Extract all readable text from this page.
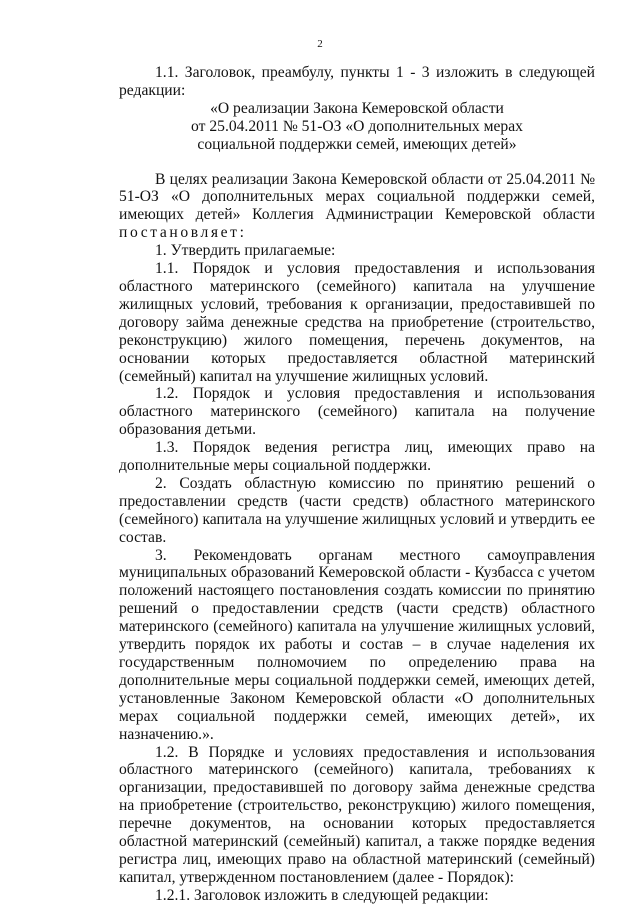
2

1.1. Заголовок, преамбулу, пункты 1 - 3 изложить в следующей редакции:

«О реализации Закона Кемеровской области

от 25.04.2011 № 51-ОЗ «О дополнительных мерах

социальной поддержки семей, имеющих детей»

В целях реализации Закона Кемеровской области от 25.04.2011 № 51-ОЗ «О дополнительных мерах социальной поддержки семей, имеющих детей» Коллегия Администрации Кемеровской области постановляет:

1. Утвердить прилагаемые:

1.1. Порядок и условия предоставления и использования областного материнского (семейного) капитала на улучшение жилищных условий, требования к организации, предоставившей по договору займа денежные средства на приобретение (строительство, реконструкцию) жилого помещения, перечень документов, на основании которых предоставляется областной материнский (семейный) капитал на улучшение жилищных условий.

1.2. Порядок и условия предоставления и использования областного материнского (семейного) капитала на получение образования детьми.

1.3. Порядок ведения регистра лиц, имеющих право на дополнительные меры социальной поддержки.

2. Создать областную комиссию по принятию решений о предоставлении средств (части средств) областного материнского (семейного) капитала на улучшение жилищных условий и утвердить ее состав.

3. Рекомендовать органам местного самоуправления муниципальных образований Кемеровской области - Кузбасса с учетом положений настоящего постановления создать комиссии по принятию решений о предоставлении средств (части средств) областного материнского (семейного) капитала на улучшение жилищных условий, утвердить порядок их работы и состав – в случае наделения их государственным полномочием по определению права на дополнительные меры социальной поддержки семей, имеющих детей, установленные Законом Кемеровской области «О дополнительных мерах социальной поддержки семей, имеющих детей», их назначению.».

1.2. В Порядке и условиях предоставления и использования областного материнского (семейного) капитала, требованиях к организации, предоставившей по договору займа денежные средства на приобретение (строительство, реконструкцию) жилого помещения, перечне документов, на основании которых предоставляется областной материнский (семейный) капитал, а также порядке ведения регистра лиц, имеющих право на областной материнский (семейный) капитал, утвержденном постановлением (далее - Порядок):

1.2.1. Заголовок изложить в следующей редакции:
